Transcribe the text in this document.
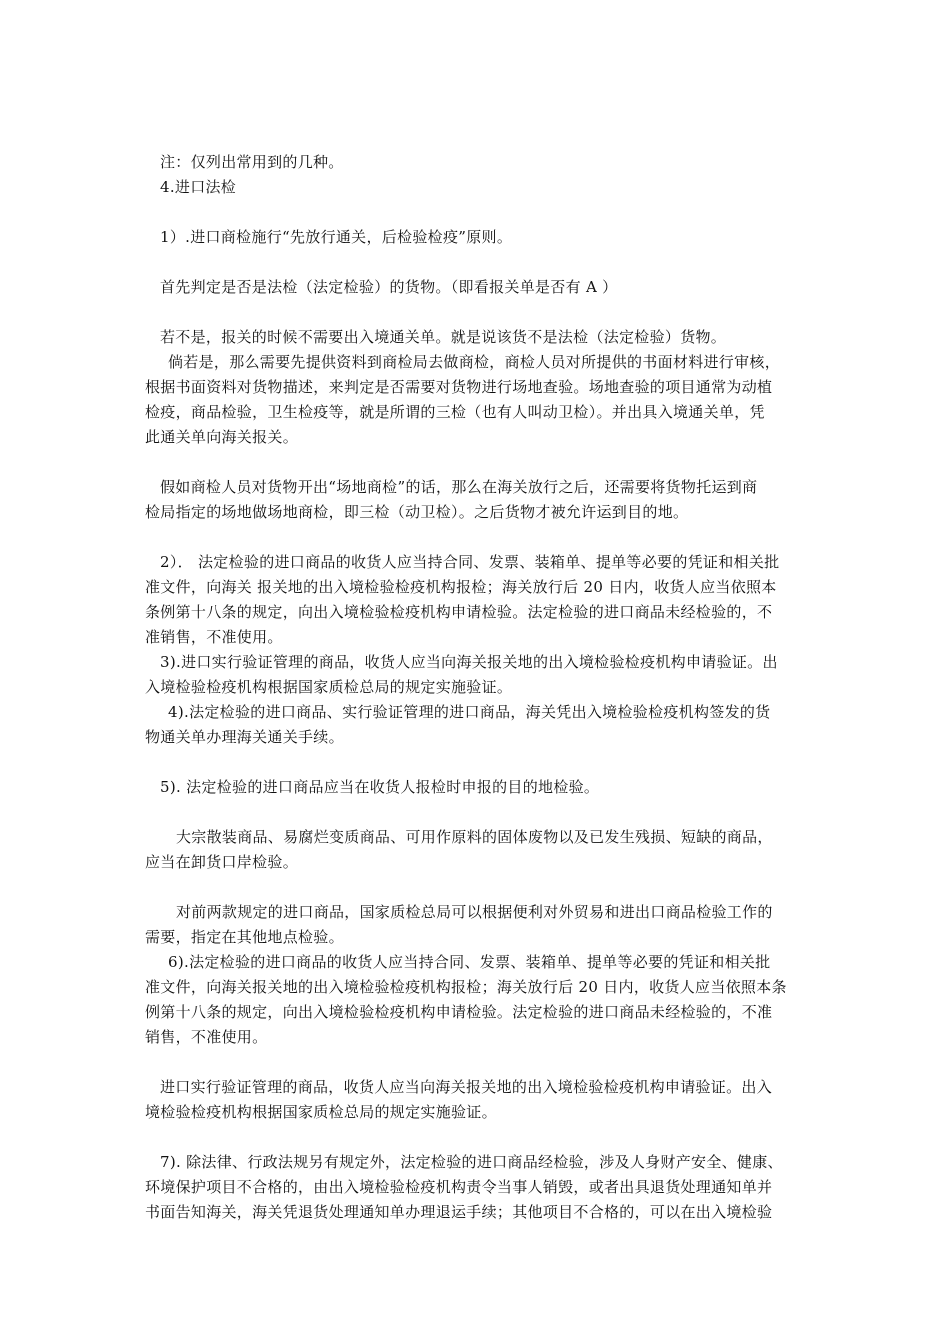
注：仅列出常用到的几种。
4.进口法检
1）.进口商检施行“先放行通关，后检验检疫”原则。
首先判定是否是法检（法定检验）的货物。（即看报关单是否有 A ）
若不是，报关的时候不需要出入境通关单。就是说该货不是法检（法定检验）货物。
倘若是，那么需要先提供资料到商检局去做商检，商检人员对所提供的书面材料进行审核，
根据书面资料对货物描述，来判定是否需要对货物进行场地查验。场地查验的项目通常为动植
检疫，商品检验，卫生检疫等，就是所谓的三检（也有人叫动卫检）。并出具入境通关单，凭
此通关单向海关报关。
假如商检人员对货物开出“场地商检”的话，那么在海关放行之后，还需要将货物托运到商
检局指定的场地做场地商检，即三检（动卫检）。之后货物才被允许运到目的地。
2）． 法定检验的进口商品的收货人应当持合同、发票、装箱单、提单等必要的凭证和相关批
准文件，向海关 报关地的出入境检验检疫机构报检；海关放行后 20 日内，收货人应当依照本
条例第十八条的规定，向出入境检验检疫机构申请检验。法定检验的进口商品未经检验的，不
准销售，不准使用。
3).进口实行验证管理的商品，收货人应当向海关报关地的出入境检验检疫机构申请验证。出
入境检验检疫机构根据国家质检总局的规定实施验证。
4).法定检验的进口商品、实行验证管理的进口商品，海关凭出入境检验检疫机构签发的货
物通关单办理海关通关手续。
5). 法定检验的进口商品应当在收货人报检时申报的目的地检验。
大宗散装商品、易腐烂变质商品、可用作原料的固体废物以及已发生残损、短缺的商品，
应当在卸货口岸检验。
对前两款规定的进口商品，国家质检总局可以根据便利对外贸易和进出口商品检验工作的
需要，指定在其他地点检验。
6).法定检验的进口商品的收货人应当持合同、发票、装箱单、提单等必要的凭证和相关批
准文件，向海关报关地的出入境检验检疫机构报检；海关放行后 20 日内，收货人应当依照本条
例第十八条的规定，向出入境检验检疫机构申请检验。法定检验的进口商品未经检验的，不准
销售，不准使用。
进口实行验证管理的商品，收货人应当向海关报关地的出入境检验检疫机构申请验证。出入
境检验检疫机构根据国家质检总局的规定实施验证。
7). 除法律、行政法规另有规定外，法定检验的进口商品经检验，涉及人身财产安全、健康、
环境保护项目不合格的，由出入境检验检疫机构责令当事人销毁，或者出具退货处理通知单并
书面告知海关，海关凭退货处理通知单办理退运手续；其他项目不合格的，可以在出入境检验
